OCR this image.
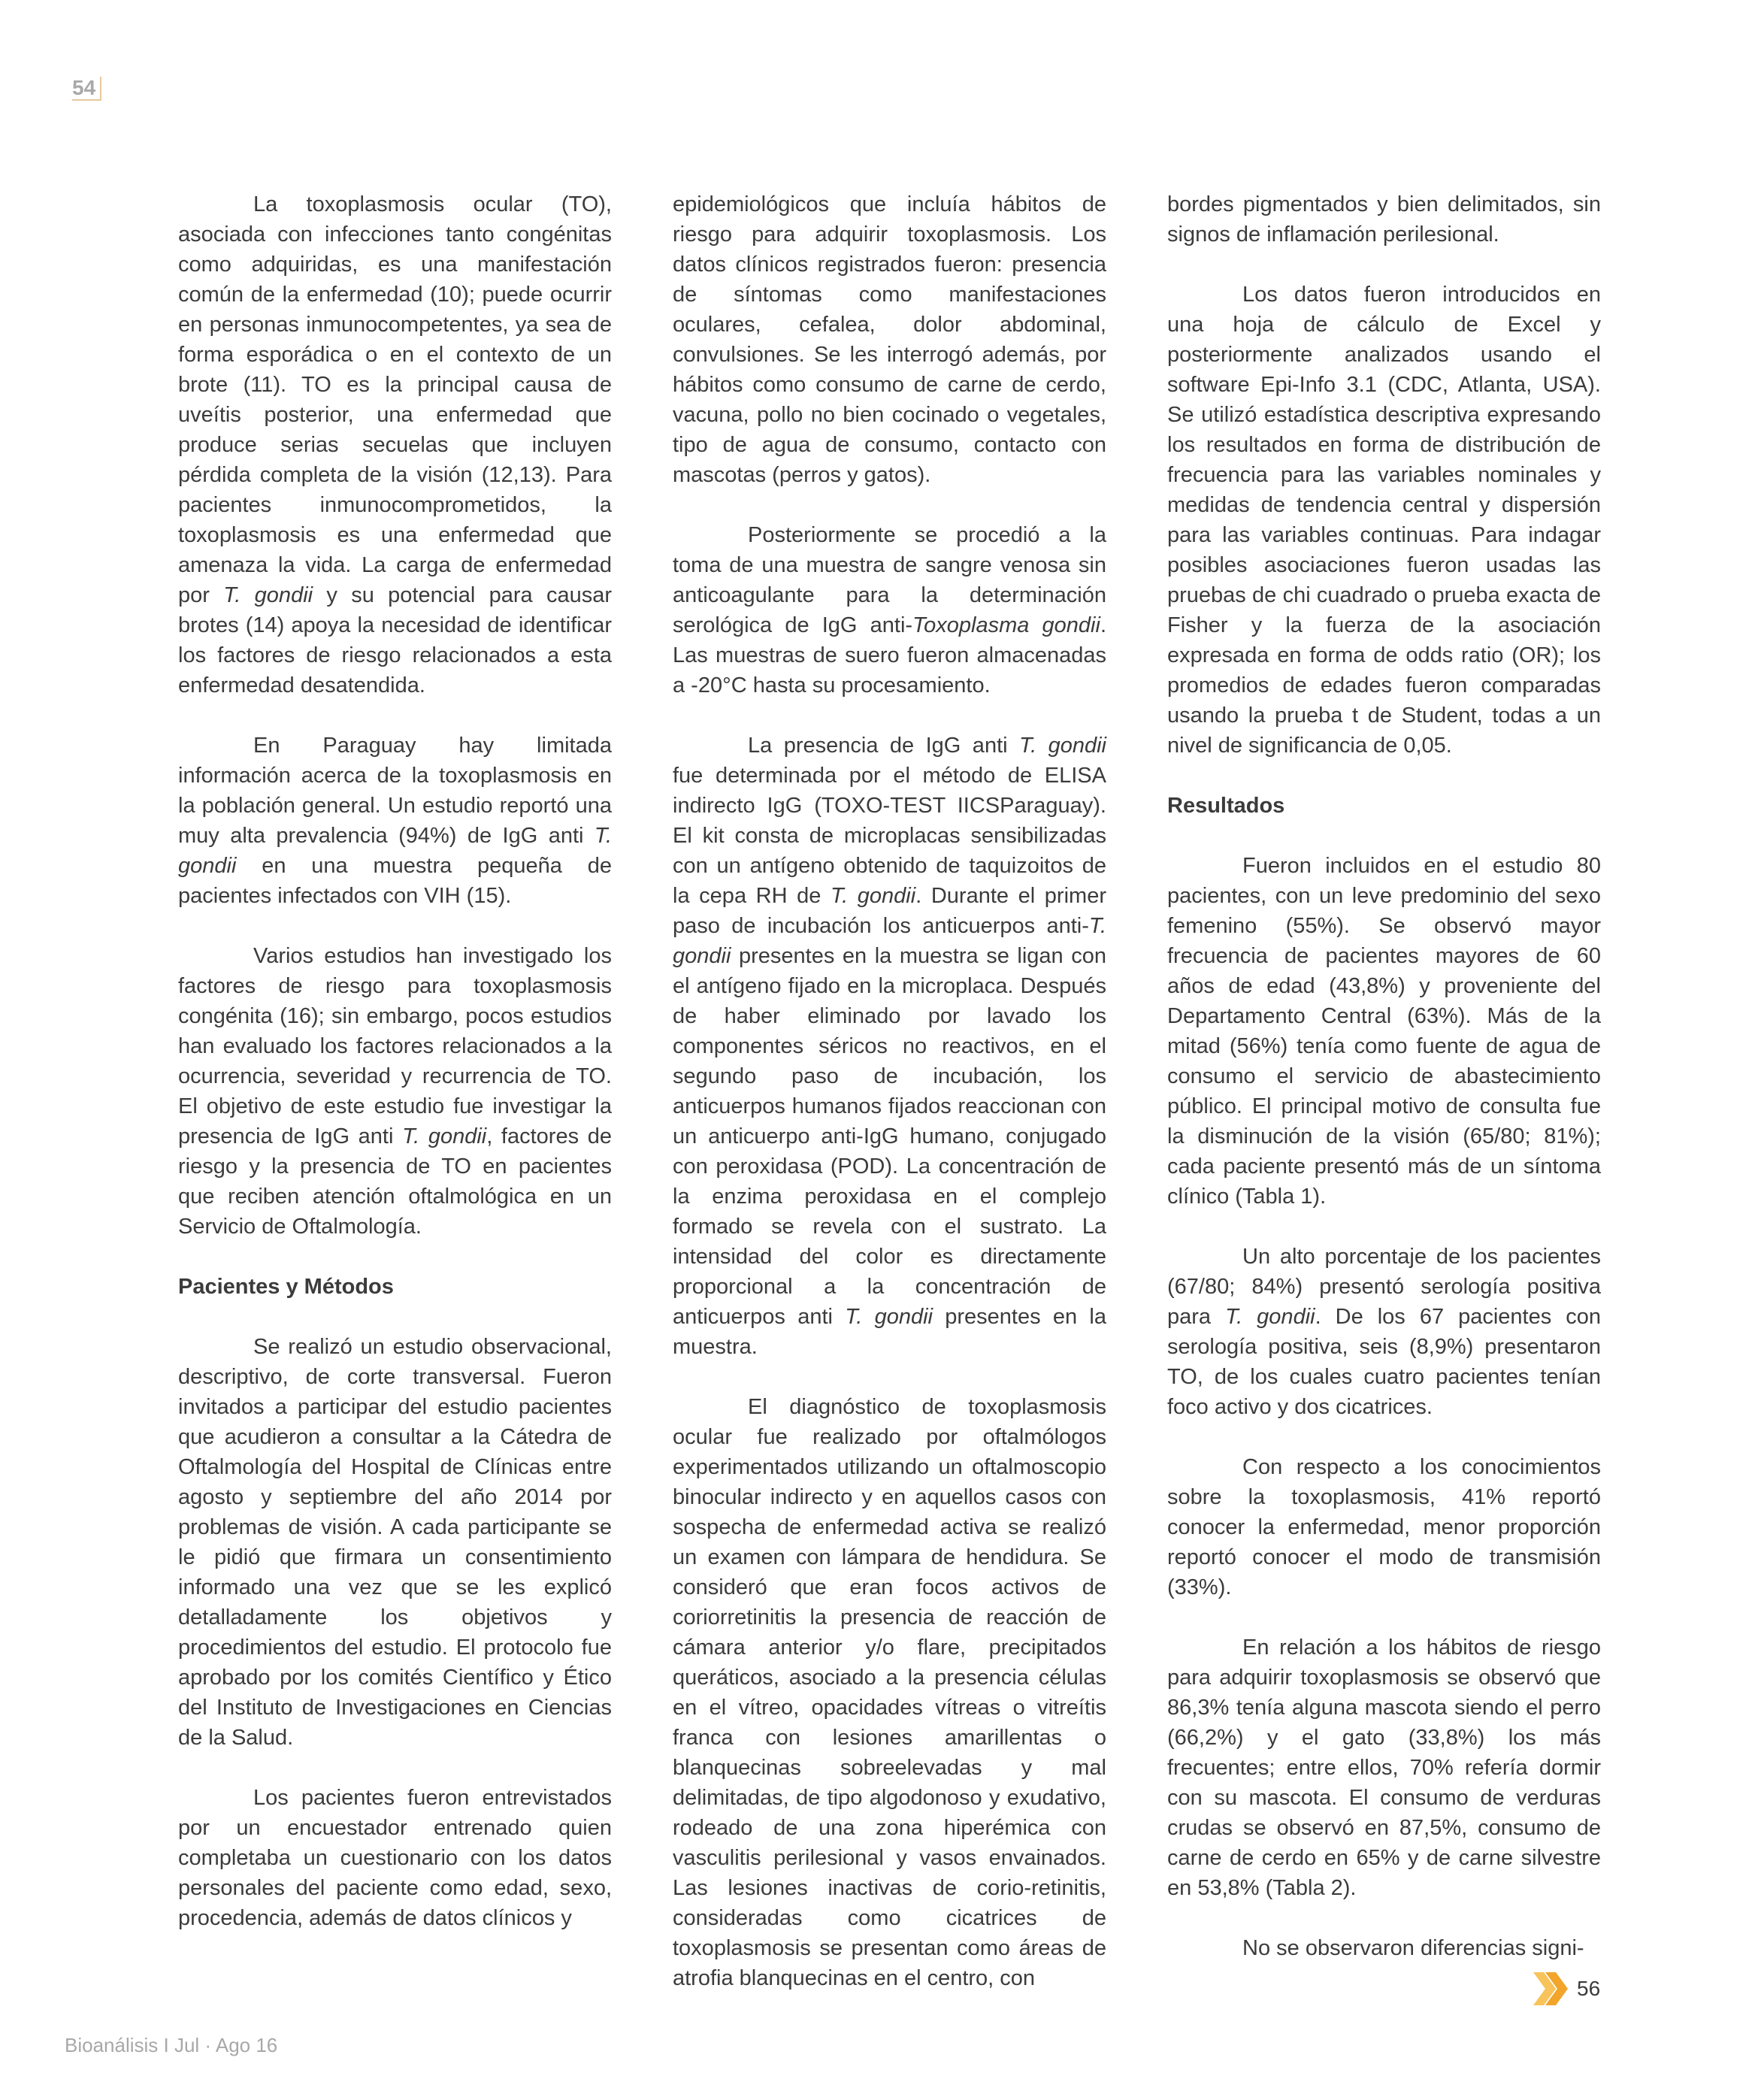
54

La toxoplasmosis ocular (TO), asociada con infecciones tanto congénitas como adquiridas, es una manifestación común de la enfermedad (10); puede ocurrir en personas inmunocompetentes, ya sea de forma esporádica o en el contexto de un brote (11). TO es la principal causa de uveítis posterior, una enfermedad que produce serias secuelas que incluyen pérdida completa de la visión (12,13). Para pacientes inmunocomprometidos, la toxoplasmosis es una enfermedad que amenaza la vida. La carga de enfermedad por T. gondii y su potencial para causar brotes (14) apoya la necesidad de identificar los factores de riesgo relacionados a esta enfermedad desatendida.

En Paraguay hay limitada información acerca de la toxoplasmosis en la población general. Un estudio reportó una muy alta prevalencia (94%) de IgG anti T. gondii en una muestra pequeña de pacientes infectados con VIH (15).

Varios estudios han investigado los factores de riesgo para toxoplasmosis congénita (16); sin embargo, pocos estudios han evaluado los factores relacionados a la ocurrencia, severidad y recurrencia de TO. El objetivo de este estudio fue investigar la presencia de IgG anti T. gondii, factores de riesgo y la presencia de TO en pacientes que reciben atención oftalmológica en un Servicio de Oftalmología.

Pacientes y Métodos

Se realizó un estudio observacional, descriptivo, de corte transversal. Fueron invitados a participar del estudio pacientes que acudieron a consultar a la Cátedra de Oftalmología del Hospital de Clínicas entre agosto y septiembre del año 2014 por problemas de visión. A cada participante se le pidió que firmara un consentimiento informado una vez que se les explicó detalladamente los objetivos y procedimientos del estudio. El protocolo fue aprobado por los comités Científico y Ético del Instituto de Investigaciones en Ciencias de la Salud.

Los pacientes fueron entrevistados por un encuestador entrenado quien completaba un cuestionario con los datos personales del paciente como edad, sexo, procedencia, además de datos clínicos y

epidemiológicos que incluía hábitos de riesgo para adquirir toxoplasmosis. Los datos clínicos registrados fueron: presencia de síntomas como manifestaciones oculares, cefalea, dolor abdominal, convulsiones. Se les interrogó además, por hábitos como consumo de carne de cerdo, vacuna, pollo no bien cocinado o vegetales, tipo de agua de consumo, contacto con mascotas (perros y gatos).

Posteriormente se procedió a la toma de una muestra de sangre venosa sin anticoagulante para la determinación serológica de IgG anti-Toxoplasma gondii. Las muestras de suero fueron almacenadas a -20°C hasta su procesamiento.

La presencia de IgG anti T. gondii fue determinada por el método de ELISA indirecto IgG (TOXO-TEST IICSParaguay). El kit consta de microplacas sensibilizadas con un antígeno obtenido de taquizoitos de la cepa RH de T. gondii. Durante el primer paso de incubación los anticuerpos anti-T. gondii presentes en la muestra se ligan con el antígeno fijado en la microplaca. Después de haber eliminado por lavado los componentes séricos no reactivos, en el segundo paso de incubación, los anticuerpos humanos fijados reaccionan con un anticuerpo anti-IgG humano, conjugado con peroxidasa (POD). La concentración de la enzima peroxidasa en el complejo formado se revela con el sustrato. La intensidad del color es directamente proporcional a la concentración de anticuerpos anti T. gondii presentes en la muestra.

El diagnóstico de toxoplasmosis ocular fue realizado por oftalmólogos experimentados utilizando un oftalmoscopio binocular indirecto y en aquellos casos con sospecha de enfermedad activa se realizó un examen con lámpara de hendidura. Se consideró que eran focos activos de coriorretinitis la presencia de reacción de cámara anterior y/o flare, precipitados queráticos, asociado a la presencia células en el vítreo, opacidades vítreas o vitreítis franca con lesiones amarillentas o blanquecinas sobreelevadas y mal delimitadas, de tipo algodonoso y exudativo, rodeado de una zona hiperémica con vasculitis perilesional y vasos envainados. Las lesiones inactivas de corio-retinitis, consideradas como cicatrices de toxoplasmosis se presentan como áreas de atrofia blanquecinas en el centro, con

bordes pigmentados y bien delimitados, sin signos de inflamación perilesional.

Los datos fueron introducidos en una hoja de cálculo de Excel y posteriormente analizados usando el software Epi-Info 3.1 (CDC, Atlanta, USA). Se utilizó estadística descriptiva expresando los resultados en forma de distribución de frecuencia para las variables nominales y medidas de tendencia central y dispersión para las variables continuas. Para indagar posibles asociaciones fueron usadas las pruebas de chi cuadrado o prueba exacta de Fisher y la fuerza de la asociación expresada en forma de odds ratio (OR); los promedios de edades fueron comparadas usando la prueba t de Student, todas a un nivel de significancia de 0,05.

Resultados

Fueron incluidos en el estudio 80 pacientes, con un leve predominio del sexo femenino (55%). Se observó mayor frecuencia de pacientes mayores de 60 años de edad (43,8%) y proveniente del Departamento Central (63%). Más de la mitad (56%) tenía como fuente de agua de consumo el servicio de abastecimiento público. El principal motivo de consulta fue la disminución de la visión (65/80; 81%); cada paciente presentó más de un síntoma clínico (Tabla 1).

Un alto porcentaje de los pacientes (67/80; 84%) presentó serología positiva para T. gondii. De los 67 pacientes con serología positiva, seis (8,9%) presentaron TO, de los cuales cuatro pacientes tenían foco activo y dos cicatrices.

Con respecto a los conocimientos sobre la toxoplasmosis, 41% reportó conocer la enfermedad, menor proporción reportó conocer el modo de transmisión (33%).

En relación a los hábitos de riesgo para adquirir toxoplasmosis se observó que 86,3% tenía alguna mascota siendo el perro (66,2%) y el gato (33,8%) los más frecuentes; entre ellos, 70% refería dormir con su mascota. El consumo de verduras crudas se observó en 87,5%, consumo de carne de cerdo en 65% y de carne silvestre en 53,8% (Tabla 2).

No se observaron diferencias signi-

56
Bioanálisis I Jul · Ago 16
